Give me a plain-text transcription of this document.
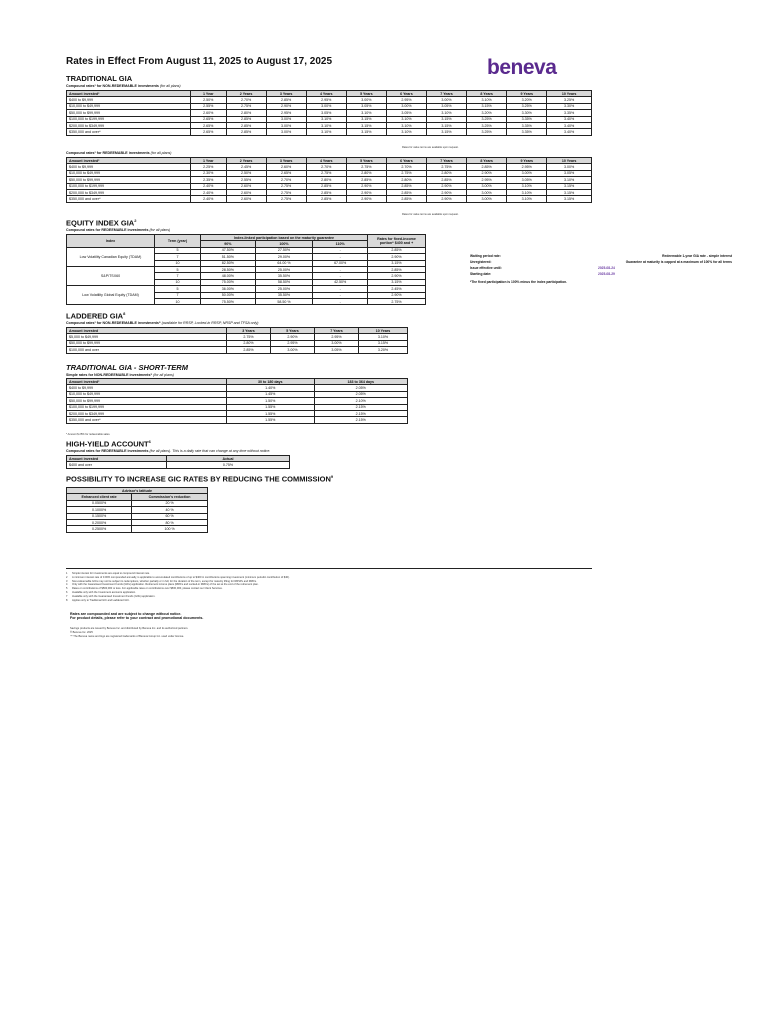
Rates in Effect From August 11, 2025 to August 17, 2025	beneva
TRADITIONAL GIA
Compound rates¹ for NON-REDEEMABLE investments (for all plans)
Amount invested³	1 Year	2 Years	3 Years	4 Years	5 Years	6 Years	7 Years	8 Years	9 Years	10 Years
$400 to $9,999	2.50%	2.70%	2.85%	2.95%	3.00%	2.95%	3.00%	3.10%	3.20%	3.25%
$10,000 to $49,999	2.55%	2.75%	2.90%	3.00%	3.05%	3.00%	3.05%	3.15%	3.25%	3.30%
$50,000 to $99,999	2.60%	2.80%	2.95%	3.05%	3.10%	3.05%	3.10%	3.20%	3.30%	3.35%
$100,000 to $199,999	2.65%	2.85%	3.00%	3.10%	3.15%	3.10%	3.15%	3.25%	3.35%	3.40%
$200,000 to $349,999	2.65%	2.85%	3.00%	3.10%	3.15%	3.10%	3.15%	3.25%	3.35%	3.40%
$350,000 and over⁴	2.65%	2.85%	3.00%	3.10%	3.15%	3.10%	3.15%	3.25%	3.35%	3.40%
Rates for value terms are available upon request.
Compound rates¹ for REDEEMABLE investments (for all plans)
Amount invested³	1 Year	2 Years	3 Years	4 Years	5 Years	6 Years	7 Years	8 Years	9 Years	10 Years
$400 to $9,999	2.25%	2.45%	2.60%	2.70%	2.75%	2.70%	2.75%	2.85%	2.95%	3.00%
$10,000 to $49,999	2.30%	2.50%	2.65%	2.75%	2.80%	2.75%	2.80%	2.90%	3.00%	3.05%
$50,000 to $99,999	2.35%	2.55%	2.70%	2.80%	2.85%	2.80%	2.85%	2.95%	3.05%	3.10%
$100,000 to $199,999	2.40%	2.60%	2.75%	2.85%	2.90%	2.85%	2.90%	3.00%	3.10%	3.15%
$200,000 to $349,999	2.40%	2.60%	2.75%	2.85%	2.90%	2.85%	2.90%	3.00%	3.10%	3.15%
$350,000 and over⁴	2.40%	2.60%	2.75%	2.85%	2.90%	2.85%	2.90%	3.00%	3.10%	3.15%
Rates for value terms are available upon request.
EQUITY INDEX GIA$^2$
Compound rates for REDEEMABLE investments (for all plans)
Index	Term (year)	Index-linked participation based on the maturity guarantee			Rates for fixed-income portion⁶ $400 and +
		90%	100%	110%	
Low Volatility Canadian Equity (TDAM)	5	47.50%	27.50%	-	2.85%
	7	51.50%	29.00%	-	2.90%
	10	82.50%	64.00 %	67.00%	3.15%
S&P/TSX60	5	28.50%	25.00%	-	2.85%
	7	48.00%	35.50%	-	2.90%
	10	75.00%	58.50%	42.50%	3.15%
Low Volatility Global Equity (TDAM)	5	36.00%	25.00%	-	2.45%
	7	50.00%	35.50%	-	2.90%
	10	75.50%	58.50 %	-	2.75%
Waiting period rate:	Redeemable 1-year GIA rate - simple interest
Unregistered:	Guarantee at maturity is capped at a maximum of 100% for all terms
Issue effective until:	2025-08-24
Starting date:	2025-08-29
*The fixed participation is 100% minus the index participation.
LADDERED GIA$^8$
Compound rates¹ for NON-REDEEMABLE investments⁹ (available for RRSP, Locked-in RRSP, NRSP and TFSA only)
Amount invested	3 Years	5 Years	7 Years	10 Years
$5,000 to $49,999	2.75%	2.90%	2.95%	3.10%
$50,000 to $99,999	2.80%	2.95%	3.00%	3.15%
$100,000 and over	2.85%	3.00%	3.05%	3.20%
TRADITIONAL GIA - SHORT-TERM
Simple rates for NON-REDEEMABLE investments⁵ (for all plans)
Amount invested³	30 to 180 days	183 to 364 days
$400 to $9,999	1.40%	2.05%
$10,000 to $49,999	1.45%	2.05%
$50,000 to $99,999	1.50%	2.10%
$100,000 to $199,999	1.55%	2.15%
$200,000 to $349,999	1.55%	2.15%
$350,000 and over⁴	1.55%	2.15%
* Amount $ 25% for redeemable sales.
HIGH-YIELD ACCOUNT$^6$
Compound rates for REDEEMABLE investments (for all plans). This is a daily rate that can change at any time without notice.
Amount invested	Actual
$400 and over	0.75%
POSSIBILITY TO INCREASE GIC RATES BY REDUCING THE COMMISSION$^9$
Advisor's latitude	
Enhanced client rate	Commission's reduction
0.0500%	20 %
0.1000%	40 %
0.1500%	60 %
0.2000%	80 %
0.2500%	100 %
1	Simple interest for investments are equal to compound interest rate.
2	A minimum interest rate of 0.00% compounded annually, is applicable to accumulated contributions of up to $400 in contributions spanning investment (minimum periodic contribution of $40).
3	Non-redeemable GICs may not be subject to redemptions, whether partially or in full, for the duration of the term, except for maturity lifting for RRSPs and RRIFs.
4	Only with the Guaranteed Investment Funds (GIFs) application. Retirement income plans (RRIFs and Locked-in RRIFs) of the set at the end of the retirement plan.
5	Rates on contributions of $500,000 or less. For applicable rates on contributions over $500,000, please contact our Client Services.
6	Available only with the Investment accounts application.
7	Available only with the Guaranteed Investment Funds (GIFs) application.
8	Applies only to Traditional GIC and Laddered GIC.
Rates are compounded and are subject to change without notice.
For product details, please refer to your contract and promotional documents.
Savings products are issued by Beneva Inc. and distributed by Beneva Inc. and its authorized partners.
® Beneva Inc. 2025
™ The Beneva name and logo are registered trademarks of Beneva Group Inc. used under license.
